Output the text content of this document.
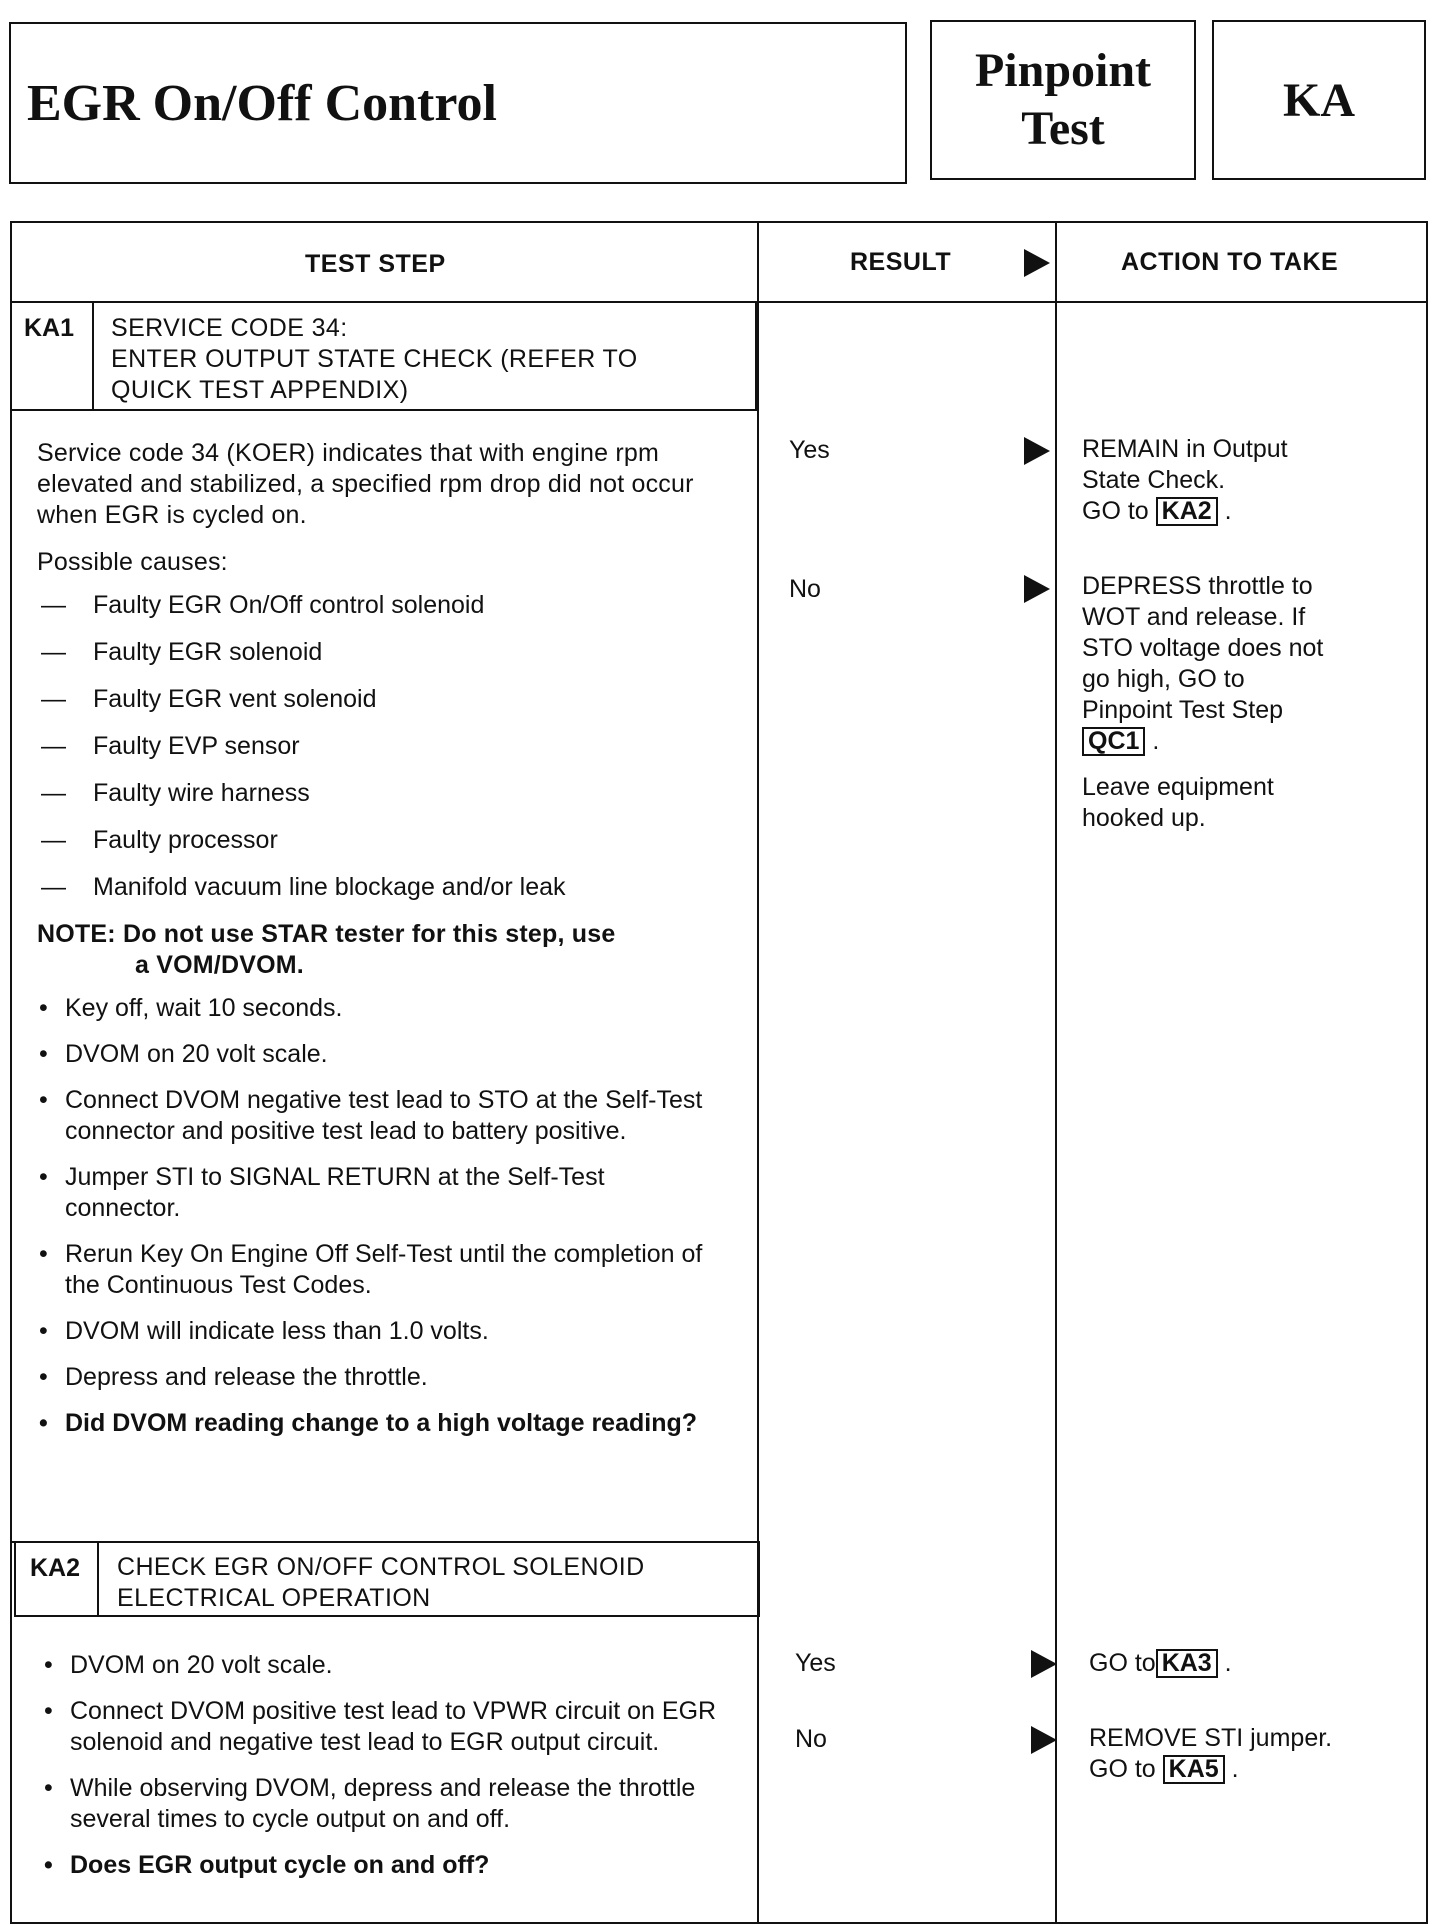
EGR On/Off Control
Pinpoint
Test
KA
TEST STEP	RESULT	ACTION TO TAKE
KA1 SERVICE CODE 34:
ENTER OUTPUT STATE CHECK (REFER TO
QUICK TEST APPENDIX)
Service code 34 (KOER) indicates that with engine rpm elevated and stabilized, a specified rpm drop did not occur when EGR is cycled on.
Possible causes:
— Faulty EGR On/Off control solenoid
— Faulty EGR solenoid
— Faulty EGR vent solenoid
— Faulty EVP sensor
— Faulty wire harness
— Faulty processor
— Manifold vacuum line blockage and/or leak
NOTE: Do not use STAR tester for this step, use
a VOM/DVOM.
• Key off, wait 10 seconds.
• DVOM on 20 volt scale.
• Connect DVOM negative test lead to STO at the Self-Test connector and positive test lead to battery positive.
• Jumper STI to SIGNAL RETURN at the Self-Test connector.
• Rerun Key On Engine Off Self-Test until the completion of the Continuous Test Codes.
• DVOM will indicate less than 1.0 volts.
• Depress and release the throttle.
• Did DVOM reading change to a high voltage reading?
Yes
No
REMAIN in Output
State Check.
GO to KA2 .
DEPRESS throttle to
WOT and release. If
STO voltage does not
go high, GO to
Pinpoint Test Step
QC1 .
Leave equipment
hooked up.
KA2 CHECK EGR ON/OFF CONTROL SOLENOID
ELECTRICAL OPERATION
• DVOM on 20 volt scale.
• Connect DVOM positive test lead to VPWR circuit on EGR solenoid and negative test lead to EGR output circuit.
• While observing DVOM, depress and release the throttle several times to cycle output on and off.
• Does EGR output cycle on and off?
Yes
No
GO to KA3 .
REMOVE STI jumper.
GO to KA5 .
